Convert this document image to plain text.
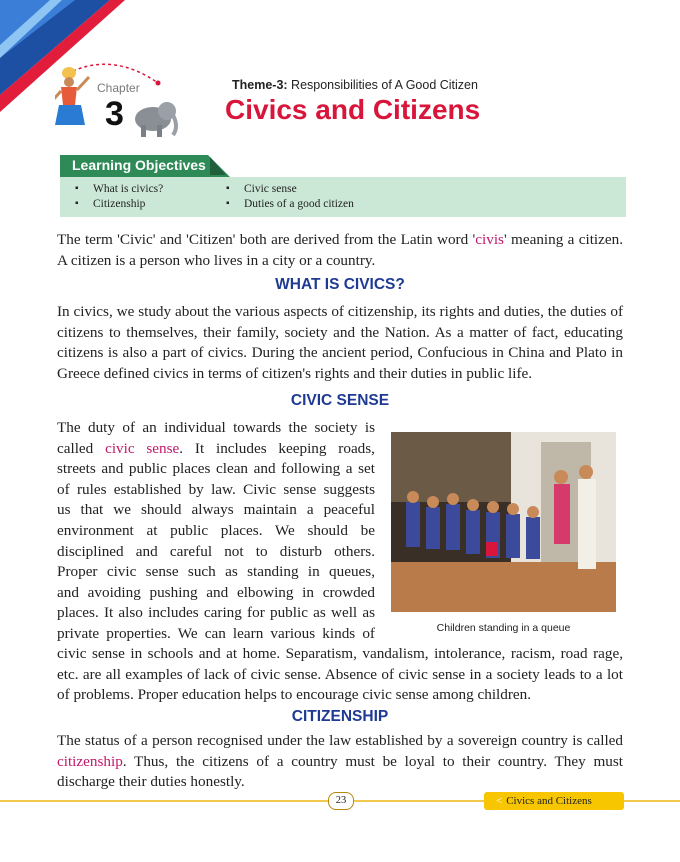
Chapter
3
Theme-3: Responsibilities of A Good Citizen
Civics and Citizens
Learning Objectives
▪ What is civics?
▪ Citizenship
▪ Civic sense
▪ Duties of a good citizen

The term 'Civic' and 'Citizen' both are derived from the Latin word 'civis' meaning a citizen. A citizen is a person who lives in a city or a country.

WHAT IS CIVICS?

In civics, we study about the various aspects of citizenship, its rights and duties, the duties of citizens to themselves, their family, society and the Nation. As a matter of fact, educating citizens is also a part of civics. During the ancient period, Confucious in China and Plato in Greece defined civics in terms of citizen's rights and their duties in public life.

CIVIC SENSE
The duty of an individual towards the society is
called civic sense. It includes keeping roads,
streets and public places clean and following a set
of rules established by law. Civic sense suggests
us that we should always maintain a peaceful
environment at public places. We should be
disciplined and careful not to disturb others.
Proper civic sense such as standing in queues,
and avoiding pushing and elbowing in crowded
places. It also includes caring for public as well as
private properties. We can learn various kinds of	Children standing in a queue

civic sense in schools and at home. Separatism, vandalism, intolerance, racism, road rage, etc. are all examples of lack of civic sense. Absence of civic sense in a society leads to a lot of problems. Proper education helps to encourage civic sense among children.

CITIZENSHIP

The status of a person recognised under the law established by a sovereign country is called citizenship. Thus, the citizens of a country must be loyal to their country. They must discharge their duties honestly.

23	< Civics and Citizens
